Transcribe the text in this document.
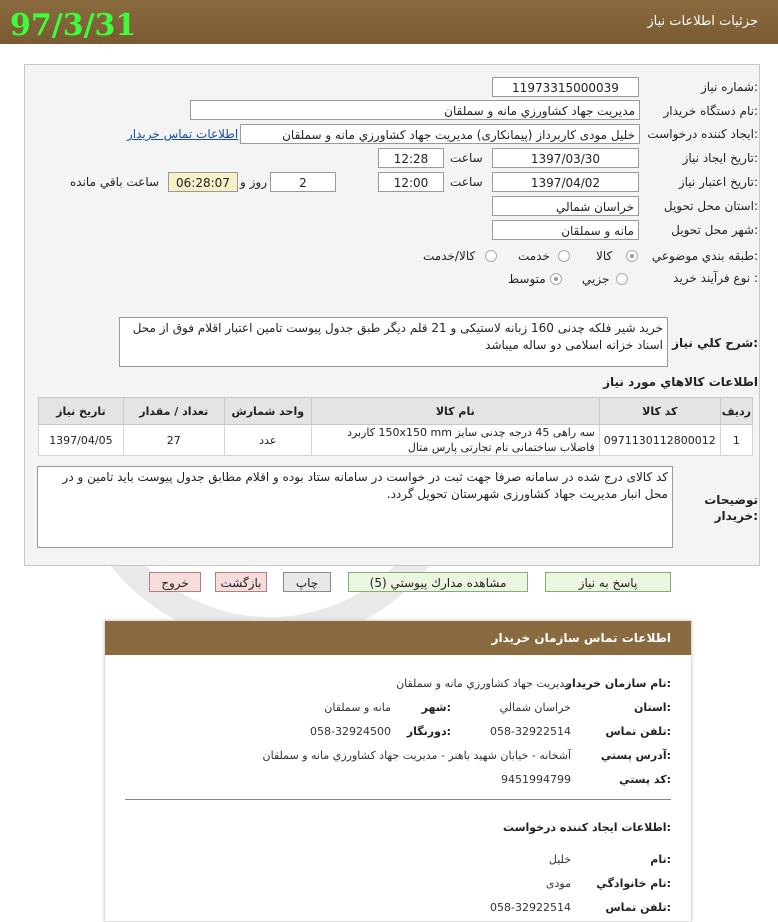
97/3/31	جزئيات اطلاعات نياز
شماره نياز:
11973315000039
نام دستگاه خريدار:
مديريت جهاد كشاورزي مانه و سملقان
ايجاد كننده درخواست:
خليل مودی كاربرداز (پيمانكاری) مديريت جهاد كشاورزي مانه و سملقان
اطلاعات تماس خريدار
تاريخ ايجاد نياز:
1397/03/30
ساعت
12:28
تاريخ اعتبار نياز:
1397/04/02
ساعت
12:00
2
روز و
06:28:07
ساعت باقي مانده
استان محل تحويل:
خراسان شمالي
شهر محل تحويل:
مانه و سملقان
طبقه بندي موضوعي:
كالا
خدمت
كالا/خدمت
نوع فرآيند خريد :
جزيي
متوسط
شرح كلي نياز:
خريد شير فلكه چدنی 160 زبانه لاستيكی و 21 قلم ديگر طبق جدول پيوست تامين اعتبار اقلام فوق از محل اسناد خزانه اسلامی دو ساله ميباشد
اطلاعات كالاهاي مورد نياز
رديف	كد كالا	نام كالا	واحد شمارش	تعداد / مقدار	تاريخ نياز
1	0971130112800012	سه راهی 45 درجه چدنی سايز 150x150 mm كاربرد فاضلاب ساختمانی نام تجارتی پارس متال	عدد	27	1397/04/05
توضيحات خريدار:
كد كالای درج شده در سامانه صرفا جهت ثبت در خواست در سامانه ستاد بوده و اقلام مطابق جدول پيوست بايد تامين و در محل انبار مديريت جهاد كشاورزی شهرستان تحويل گردد.
پاسخ به نياز
مشاهده مدارك پيوستي (5)
چاپ
بازگشت
خروج
اطلاعات تماس سازمان خريدار
نام سازمان خريدار:
مديريت جهاد كشاورزي مانه و سملقان
استان:
خراسان شمالي
شهر:
مانه و سملقان
تلفن تماس:
058-32922514
دورنگار:
058-32924500
آدرس پستي:
آشخانه - خيابان شهيد باهنر - مديريت جهاد كشاورزي مانه و سملقان
كد پستي:
9451994799
اطلاعات ايجاد كننده درخواست:
نام:
خليل
نام خانوادگي:
مودی
تلفن تماس:
058-32922514
